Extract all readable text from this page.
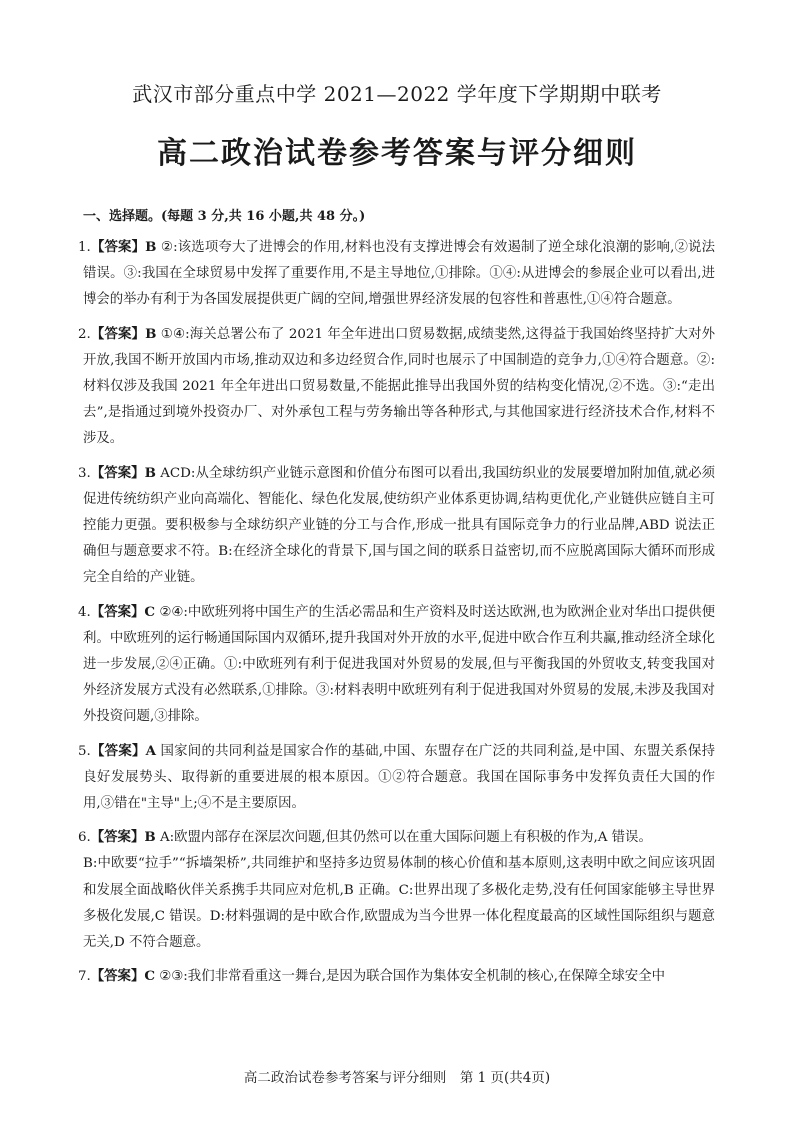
武汉市部分重点中学 2021—2022 学年度下学期期中联考
高二政治试卷参考答案与评分细则
一、选择题。(每题 3 分,共 16 小题,共 48 分。)
1.【答案】B ②:该选项夸大了进博会的作用,材料也没有支撑进博会有效遏制了逆全球化浪潮的影响,②说法错误。③:我国在全球贸易中发挥了重要作用,不是主导地位,①排除。①④:从进博会的参展企业可以看出,进博会的举办有利于为各国发展提供更广阔的空间,增强世界经济发展的包容性和普惠性,①④符合题意。
2.【答案】B ①④:海关总署公布了 2021 年全年进出口贸易数据,成绩斐然,这得益于我国始终坚持扩大对外开放,我国不断开放国内市场,推动双边和多边经贸合作,同时也展示了中国制造的竞争力,①④符合题意。②:材料仅涉及我国 2021 年全年进出口贸易数量,不能据此推导出我国外贸的结构变化情况,②不选。③:“走出去”,是指通过到境外投资办厂、对外承包工程与劳务输出等各种形式,与其他国家进行经济技术合作,材料不涉及。
3.【答案】B ACD:从全球纺织产业链示意图和价值分布图可以看出,我国纺织业的发展要增加附加值,就必须促进传统纺织产业向高端化、智能化、绿色化发展,使纺织产业体系更协调,结构更优化,产业链供应链自主可控能力更强。要积极参与全球纺织产业链的分工与合作,形成一批具有国际竞争力的行业品牌,ABD 说法正确但与题意要求不符。B:在经济全球化的背景下,国与国之间的联系日益密切,而不应脱离国际大循环而形成完全自给的产业链。
4.【答案】C ②④:中欧班列将中国生产的生活必需品和生产资料及时送达欧洲,也为欧洲企业对华出口提供便利。中欧班列的运行畅通国际国内双循环,提升我国对外开放的水平,促进中欧合作互利共赢,推动经济全球化进一步发展,②④正确。①:中欧班列有利于促进我国对外贸易的发展,但与平衡我国的外贸收支,转变我国对外经济发展方式没有必然联系,①排除。③:材料表明中欧班列有利于促进我国对外贸易的发展,未涉及我国对外投资问题,③排除。
5.【答案】A 国家间的共同利益是国家合作的基础,中国、东盟存在广泛的共同利益,是中国、东盟关系保持良好发展势头、取得新的重要进展的根本原因。①②符合题意。我国在国际事务中发挥负责任大国的作用,③错在"主导"上;④不是主要原因。
6.【答案】B A:欧盟内部存在深层次问题,但其仍然可以在重大国际问题上有积极的作为,A 错误。

B:中欧要“拉手”“拆墙架桥”,共同维护和坚持多边贸易体制的核心价值和基本原则,这表明中欧之间应该巩固和发展全面战略伙伴关系携手共同应对危机,B 正确。C:世界出现了多极化走势,没有任何国家能够主导世界多极化发展,C 错误。D:材料强调的是中欧合作,欧盟成为当今世界一体化程度最高的区域性国际组织与题意无关,D 不符合题意。

7.【答案】C ②③:我们非常看重这一舞台,是因为联合国作为集体安全机制的核心,在保障全球安全中
高二政治试卷参考答案与评分细则　第 1 页(共4页)
